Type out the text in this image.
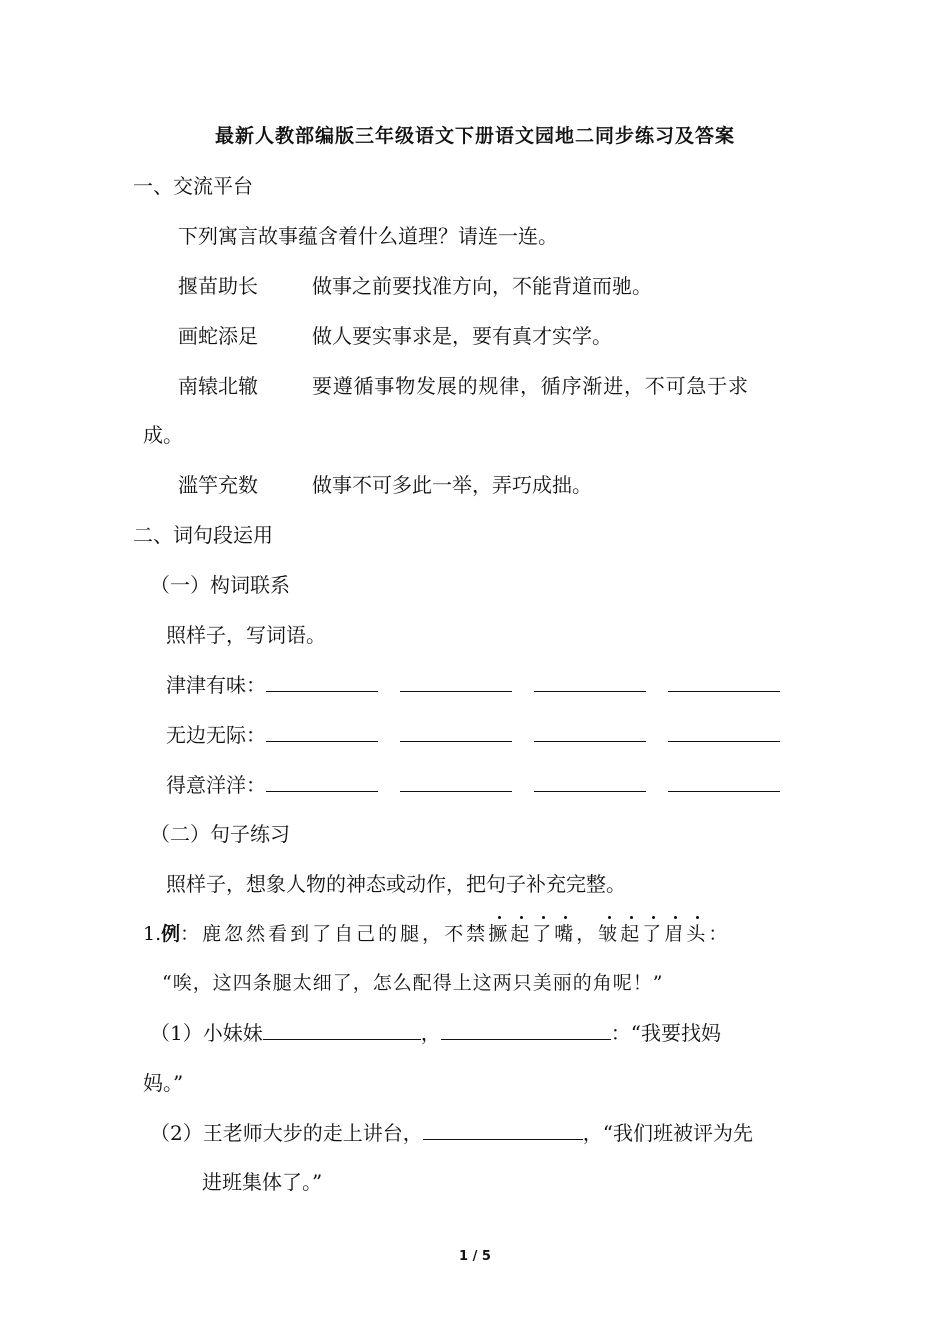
最新人教部编版三年级语文下册语文园地二同步练习及答案
一、交流平台
下列寓言故事蕴含着什么道理？请连一连。
揠苗助长	做事之前要找准方向，不能背道而驰。
画蛇添足	做人要实事求是，要有真才实学。
南辕北辙	要遵循事物发展的规律，循序渐进，不可急于求
成。
滥竽充数	做事不可多此一举，弄巧成拙。
二、词句段运用
（一）构词联系
照样子，写词语。
津津有味：
无边无际：
得意洋洋：
（二）句子练习
照样子，想象人物的神态或动作，把句子补充完整。
1.例：鹿忽然看到了自己的腿，不禁撅起了嘴，皱起了眉头：
“唉，这四条腿太细了，怎么配得上这两只美丽的角呢！”
（1）小妹妹	，	：“我要找妈
妈。”
（2）王老师大步的走上讲台，	，“我们班被评为先
进班集体了。”
1 / 5
